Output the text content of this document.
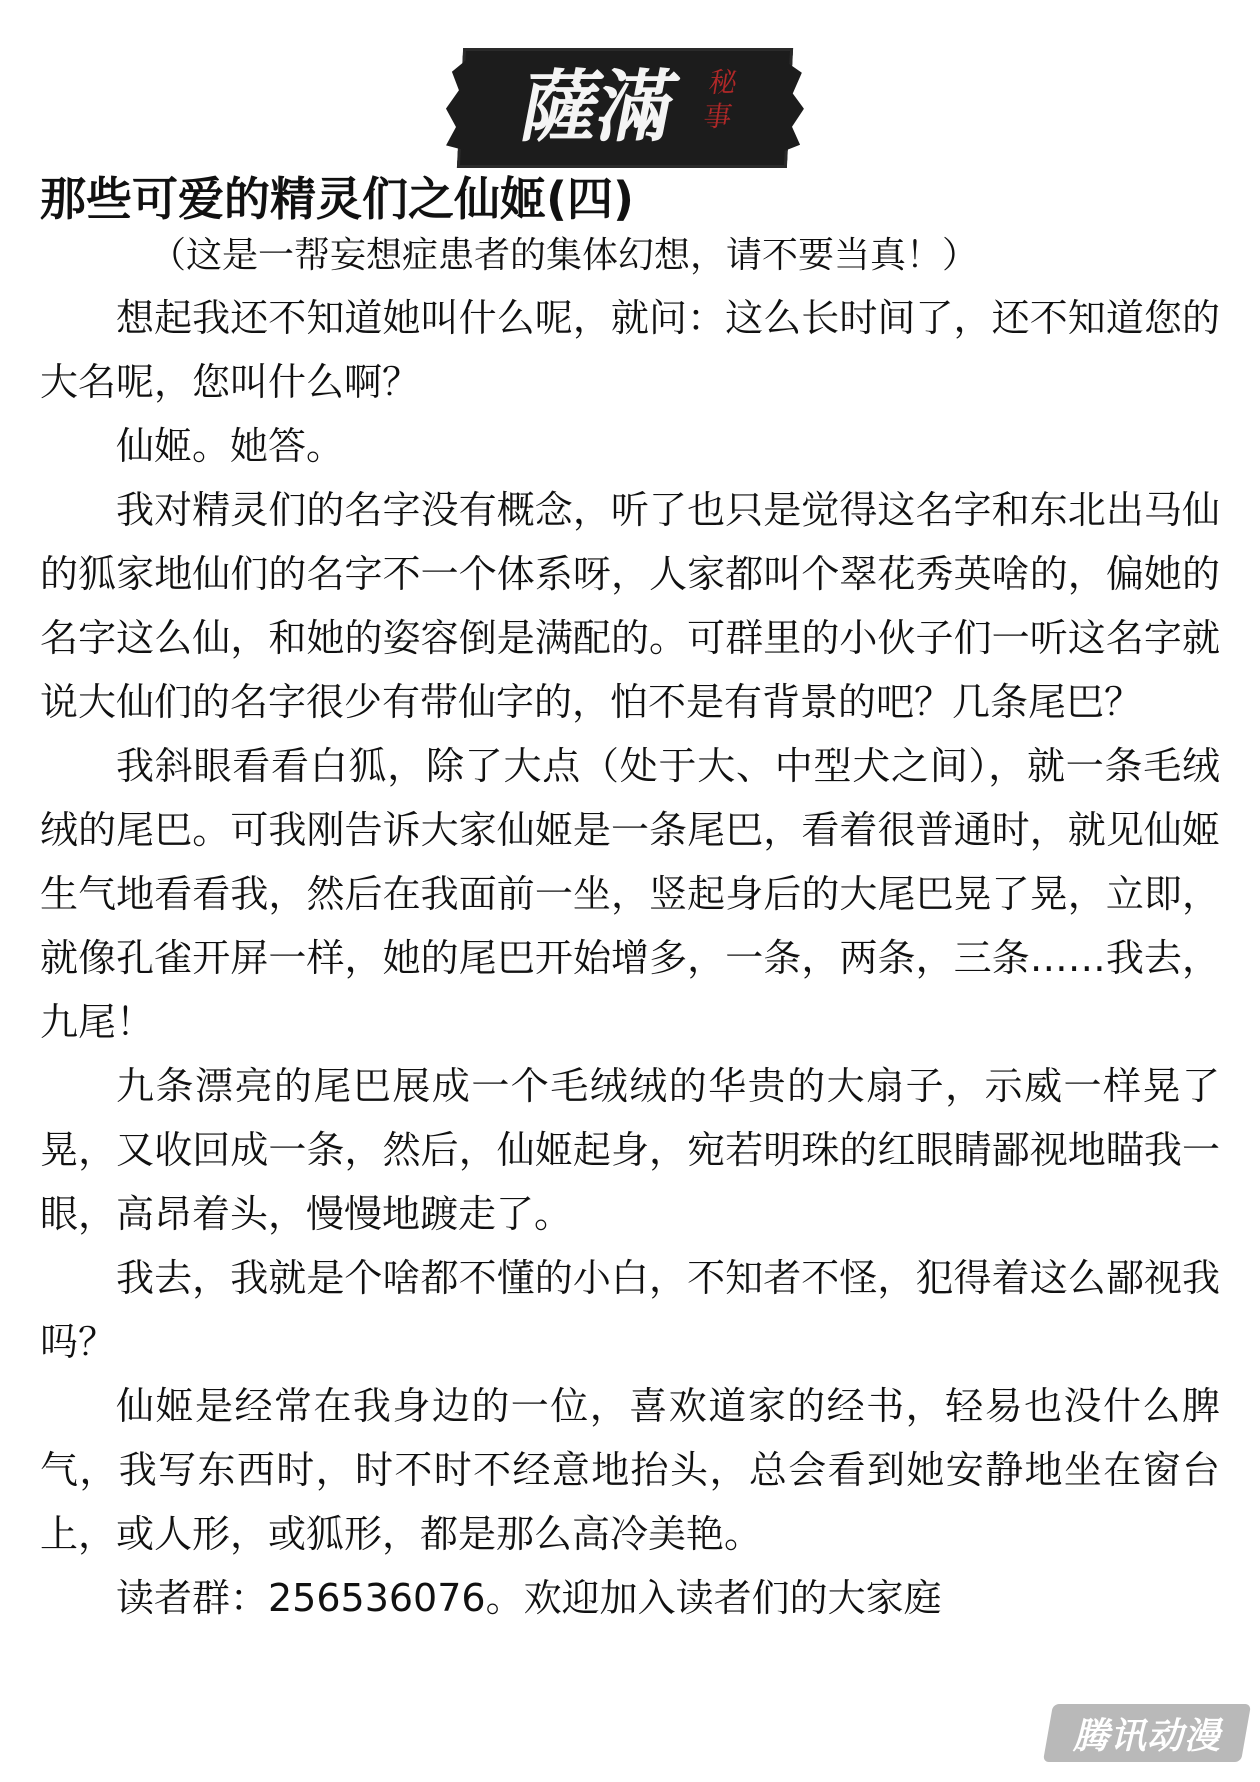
薩滿 秘事
那些可爱的精灵们之仙姬(四)

（这是一帮妄想症患者的集体幻想，请不要当真！）

想起我还不知道她叫什么呢，就问：这么长时间了，还不知道您的大名呢，您叫什么啊？

仙姬。她答。

我对精灵们的名字没有概念，听了也只是觉得这名字和东北出马仙的狐家地仙们的名字不一个体系呀，人家都叫个翠花秀英啥的，偏她的名字这么仙，和她的姿容倒是满配的。可群里的小伙子们一听这名字就说大仙们的名字很少有带仙字的，怕不是有背景的吧？几条尾巴？

我斜眼看看白狐，除了大点（处于大、中型犬之间），就一条毛绒绒的尾巴。可我刚告诉大家仙姬是一条尾巴，看着很普通时，就见仙姬生气地看看我，然后在我面前一坐，竖起身后的大尾巴晃了晃，立即，就像孔雀开屏一样，她的尾巴开始增多，一条，两条，三条……我去，九尾！

九条漂亮的尾巴展成一个毛绒绒的华贵的大扇子，示威一样晃了晃，又收回成一条，然后，仙姬起身，宛若明珠的红眼睛鄙视地瞄我一眼，高昂着头，慢慢地踱走了。

我去，我就是个啥都不懂的小白，不知者不怪，犯得着这么鄙视我吗？

仙姬是经常在我身边的一位，喜欢道家的经书，轻易也没什么脾气，我写东西时，时不时不经意地抬头，总会看到她安静地坐在窗台上，或人形，或狐形，都是那么高冷美艳。

读者群：256536076。欢迎加入读者们的大家庭

腾讯动漫
